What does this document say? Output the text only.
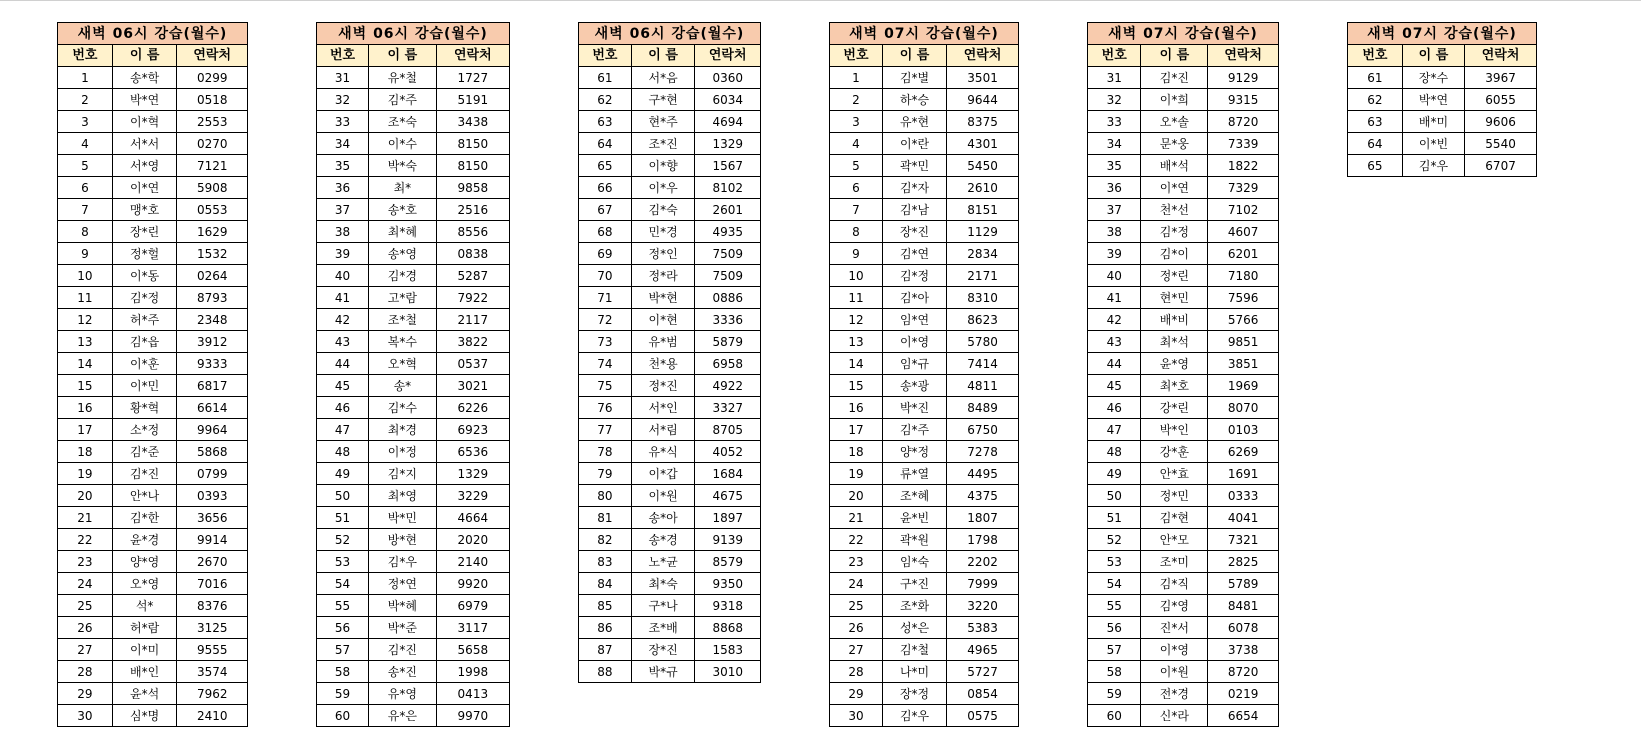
새벽 06시 강습(월수)		
번호	이 름	연락처
1	송*학	0299
2	박*연	0518
3	이*혁	2553
4	서*서	0270
5	서*영	7121
6	이*연	5908
7	맹*호	0553
8	장*린	1629
9	정*헐	1532
10	이*동	0264
11	김*정	8793
12	허*주	2348
13	김*읍	3912
14	이*훈	9333
15	이*민	6817
16	황*혁	6614
17	소*정	9964
18	김*준	5868
19	김*진	0799
20	안*나	0393
21	김*한	3656
22	윤*경	9914
23	양*영	2670
24	오*영	7016
25	석*	8376
26	허*람	3125
27	이*미	9555
28	배*인	3574
29	윤*석	7962
30	심*명	2410
새벽 06시 강습(월수)		
번호	이 름	연락처
31	유*철	1727
32	김*주	5191
33	조*숙	3438
34	이*수	8150
35	박*숙	8150
36	최*	9858
37	송*호	2516
38	최*혜	8556
39	송*영	0838
40	김*경	5287
41	고*람	7922
42	조*철	2117
43	복*수	3822
44	오*혁	0537
45	송*	3021
46	김*수	6226
47	최*경	6923
48	이*정	6536
49	김*지	1329
50	최*영	3229
51	박*민	4664
52	방*현	2020
53	김*우	2140
54	정*연	9920
55	박*혜	6979
56	박*준	3117
57	김*진	5658
58	송*진	1998
59	유*영	0413
60	유*은	9970
새벽 06시 강습(월수)		
번호	이 름	연락처
61	서*음	0360
62	구*현	6034
63	현*주	4694
64	조*진	1329
65	이*향	1567
66	이*우	8102
67	김*숙	2601
68	민*경	4935
69	정*인	7509
70	정*라	7509
71	박*현	0886
72	이*현	3336
73	유*범	5879
74	천*용	6958
75	정*진	4922
76	서*인	3327
77	서*림	8705
78	유*식	4052
79	이*갑	1684
80	이*원	4675
81	송*아	1897
82	송*경	9139
83	노*균	8579
84	최*숙	9350
85	구*나	9318
86	조*배	8868
87	장*진	1583
88	박*규	3010
새벽 07시 강습(월수)		
번호	이 름	연락처
1	김*별	3501
2	하*승	9644
3	유*현	8375
4	이*란	4301
5	곽*민	5450
6	김*자	2610
7	김*남	8151
8	장*진	1129
9	김*연	2834
10	김*정	2171
11	김*아	8310
12	임*연	8623
13	이*영	5780
14	임*규	7414
15	송*광	4811
16	박*진	8489
17	김*주	6750
18	양*정	7278
19	류*열	4495
20	조*혜	4375
21	윤*빈	1807
22	곽*원	1798
23	임*숙	2202
24	구*진	7999
25	조*화	3220
26	성*은	5383
27	김*철	4965
28	나*미	5727
29	장*정	0854
30	김*우	0575
새벽 07시 강습(월수)		
번호	이 름	연락처
31	김*진	9129
32	이*희	9315
33	오*솔	8720
34	문*웅	7339
35	배*석	1822
36	이*연	7329
37	천*선	7102
38	김*정	4607
39	김*이	6201
40	정*린	7180
41	현*민	7596
42	배*비	5766
43	최*석	9851
44	윤*영	3851
45	최*호	1969
46	강*린	8070
47	박*인	0103
48	강*훈	6269
49	안*효	1691
50	정*민	0333
51	김*현	4041
52	안*모	7321
53	조*미	2825
54	김*직	5789
55	김*영	8481
56	진*서	6078
57	이*영	3738
58	이*원	8720
59	전*경	0219
60	신*라	6654
새벽 07시 강습(월수)		
번호	이 름	연락처
61	장*수	3967
62	박*연	6055
63	배*미	9606
64	이*빈	5540
65	김*우	6707
